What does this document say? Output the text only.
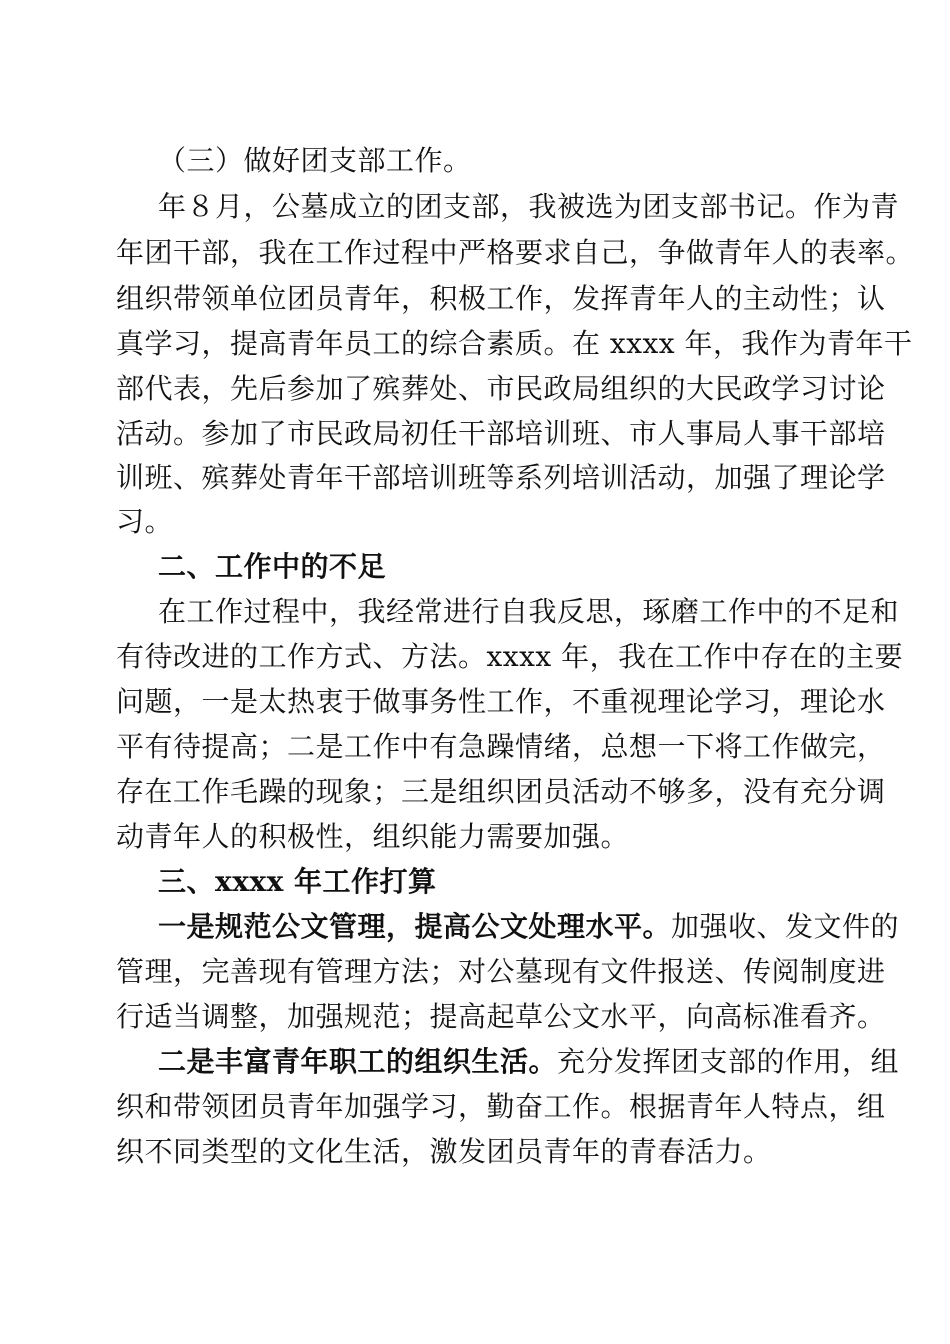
（三）做好团支部工作。
年８月，公墓成立的团支部，我被选为团支部书记。作为青
年团干部，我在工作过程中严格要求自己，争做青年人的表率。
组织带领单位团员青年，积极工作，发挥青年人的主动性；认
真学习，提高青年员工的综合素质。在 xxxx 年，我作为青年干
部代表，先后参加了殡葬处、市民政局组织的大民政学习讨论
活动。参加了市民政局初任干部培训班、市人事局人事干部培
训班、殡葬处青年干部培训班等系列培训活动，加强了理论学
习。
二、工作中的不足
在工作过程中，我经常进行自我反思，琢磨工作中的不足和
有待改进的工作方式、方法。xxxx 年，我在工作中存在的主要
问题，一是太热衷于做事务性工作，不重视理论学习，理论水
平有待提高；二是工作中有急躁情绪，总想一下将工作做完，
存在工作毛躁的现象；三是组织团员活动不够多，没有充分调
动青年人的积极性，组织能力需要加强。
三、xxxx 年工作打算
一是规范公文管理，提高公文处理水平。加强收、发文件的
管理，完善现有管理方法；对公墓现有文件报送、传阅制度进
行适当调整，加强规范；提高起草公文水平，向高标准看齐。
二是丰富青年职工的组织生活。充分发挥团支部的作用，组
织和带领团员青年加强学习，勤奋工作。根据青年人特点，组
织不同类型的文化生活，激发团员青年的青春活力。
